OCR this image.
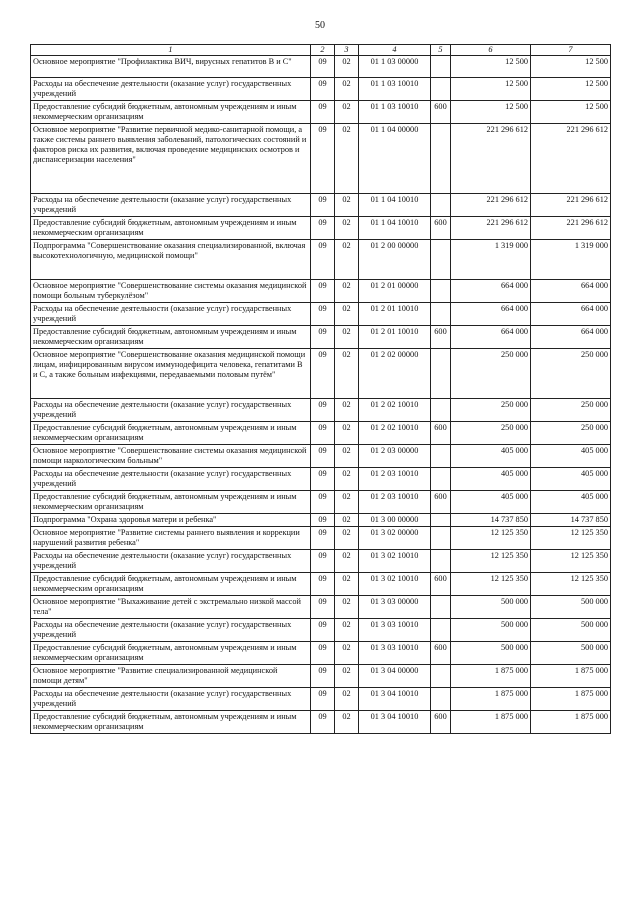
50
1	2	3	4	5	6	7
Основное мероприятие "Профилактика ВИЧ, вирусных гепатитов В и С"	09	02	01 1 03 00000		12 500	12 500
Расходы на обеспечение деятельности (оказание услуг) государственных учреждений	09	02	01 1 03 10010		12 500	12 500
Предоставление субсидий бюджетным, автономным учреждениям и иным некоммерческим организациям	09	02	01 1 03 10010	600	12 500	12 500
Основное мероприятие "Развитие первичной медико-санитарной помощи, а также системы раннего выявления заболеваний, патологических состояний и факторов риска их развития, включая проведение медицинских осмотров и диспансеризации населения"	09	02	01 1 04 00000		221 296 612	221 296 612
Расходы на обеспечение деятельности (оказание услуг) государственных учреждений	09	02	01 1 04 10010		221 296 612	221 296 612
Предоставление субсидий бюджетным, автономным учреждениям и иным некоммерческим организациям	09	02	01 1 04 10010	600	221 296 612	221 296 612
Подпрограмма "Совершенствование оказания специализированной, включая высокотехнологичную, медицинской помощи"	09	02	01 2 00 00000		1 319 000	1 319 000
Основное мероприятие "Совершенствование системы оказания медицинской помощи больным туберкулёзом"	09	02	01 2 01 00000		664 000	664 000
Расходы на обеспечение деятельности (оказание услуг) государственных учреждений	09	02	01 2 01 10010		664 000	664 000
Предоставление субсидий бюджетным, автономным учреждениям и иным некоммерческим организациям	09	02	01 2 01 10010	600	664 000	664 000
Основное мероприятие "Совершенствование оказания медицинской помощи лицам, инфицированным вирусом иммунодефицита человека, гепатитами В и С, а также больным инфекциями, передаваемыми половым путём"	09	02	01 2 02 00000		250 000	250 000
Расходы на обеспечение деятельности (оказание услуг) государственных учреждений	09	02	01 2 02 10010		250 000	250 000
Предоставление субсидий бюджетным, автономным учреждениям и иным некоммерческим организациям	09	02	01 2 02 10010	600	250 000	250 000
Основное мероприятие "Совершенствование системы оказания медицинской помощи наркологическим больным"	09	02	01 2 03 00000		405 000	405 000
Расходы на обеспечение деятельности (оказание услуг) государственных учреждений	09	02	01 2 03 10010		405 000	405 000
Предоставление субсидий бюджетным, автономным учреждениям и иным некоммерческим организациям	09	02	01 2 03 10010	600	405 000	405 000
Подпрограмма "Охрана здоровья матери и ребенка"	09	02	01 3 00 00000		14 737 850	14 737 850
Основное мероприятие "Развитие системы раннего выявления и коррекции нарушений развития ребенка"	09	02	01 3 02 00000		12 125 350	12 125 350
Расходы на обеспечение деятельности (оказание услуг) государственных учреждений	09	02	01 3 02 10010		12 125 350	12 125 350
Предоставление субсидий бюджетным, автономным учреждениям и иным некоммерческим организациям	09	02	01 3 02 10010	600	12 125 350	12 125 350
Основное мероприятие "Выхаживание детей с экстремально низкой массой тела"	09	02	01 3 03 00000		500 000	500 000
Расходы на обеспечение деятельности (оказание услуг) государственных учреждений	09	02	01 3 03 10010		500 000	500 000
Предоставление субсидий бюджетным, автономным учреждениям и иным некоммерческим организациям	09	02	01 3 03 10010	600	500 000	500 000
Основное мероприятие "Развитие специализированной медицинской помощи детям"	09	02	01 3 04 00000		1 875 000	1 875 000
Расходы на обеспечение деятельности (оказание услуг) государственных учреждений	09	02	01 3 04 10010		1 875 000	1 875 000
Предоставление субсидий бюджетным, автономным учреждениям и иным некоммерческим организациям	09	02	01 3 04 10010	600	1 875 000	1 875 000
